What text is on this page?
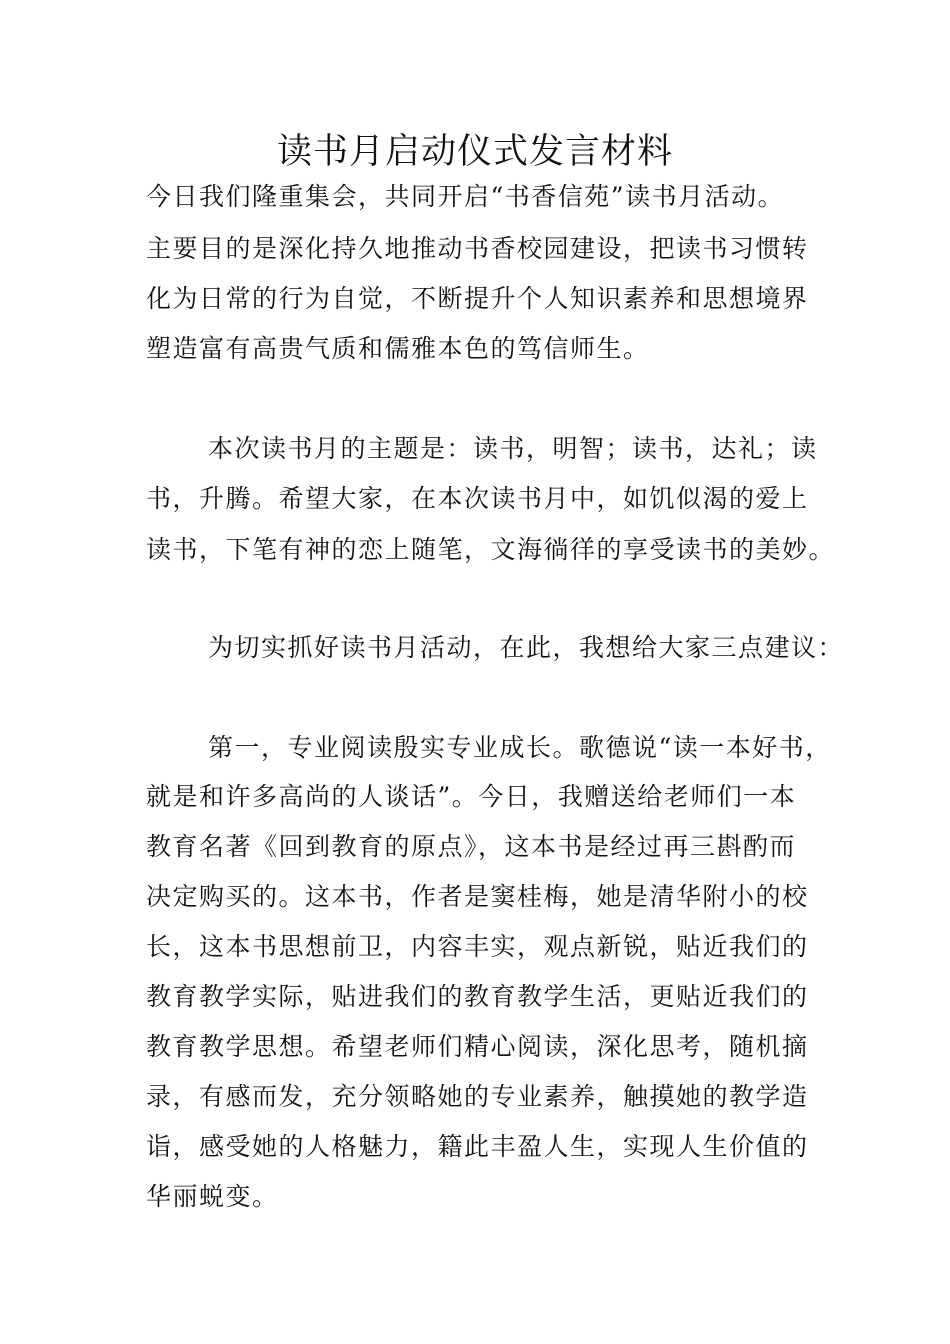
读书月启动仪式发言材料
今日我们隆重集会，共同开启“书香信苑”读书月活动。
主要目的是深化持久地推动书香校园建设，把读书习惯转
化为日常的行为自觉，不断提升个人知识素养和思想境界
塑造富有高贵气质和儒雅本色的笃信师生。
本次读书月的主题是：读书，明智；读书，达礼；读
书，升腾。希望大家，在本次读书月中，如饥似渴的爱上
读书，下笔有神的恋上随笔，文海徜徉的享受读书的美妙。
为切实抓好读书月活动，在此，我想给大家三点建议：
第一，专业阅读殷实专业成长。歌德说“读一本好书，
就是和许多高尚的人谈话”。今日，我赠送给老师们一本
教育名著《回到教育的原点》，这本书是经过再三斟酌而
决定购买的。这本书，作者是窦桂梅，她是清华附小的校
长，这本书思想前卫，内容丰实，观点新锐，贴近我们的
教育教学实际，贴进我们的教育教学生活，更贴近我们的
教育教学思想。希望老师们精心阅读，深化思考，随机摘
录，有感而发，充分领略她的专业素养，触摸她的教学造
诣，感受她的人格魅力，籍此丰盈人生，实现人生价值的
华丽蜕变。
